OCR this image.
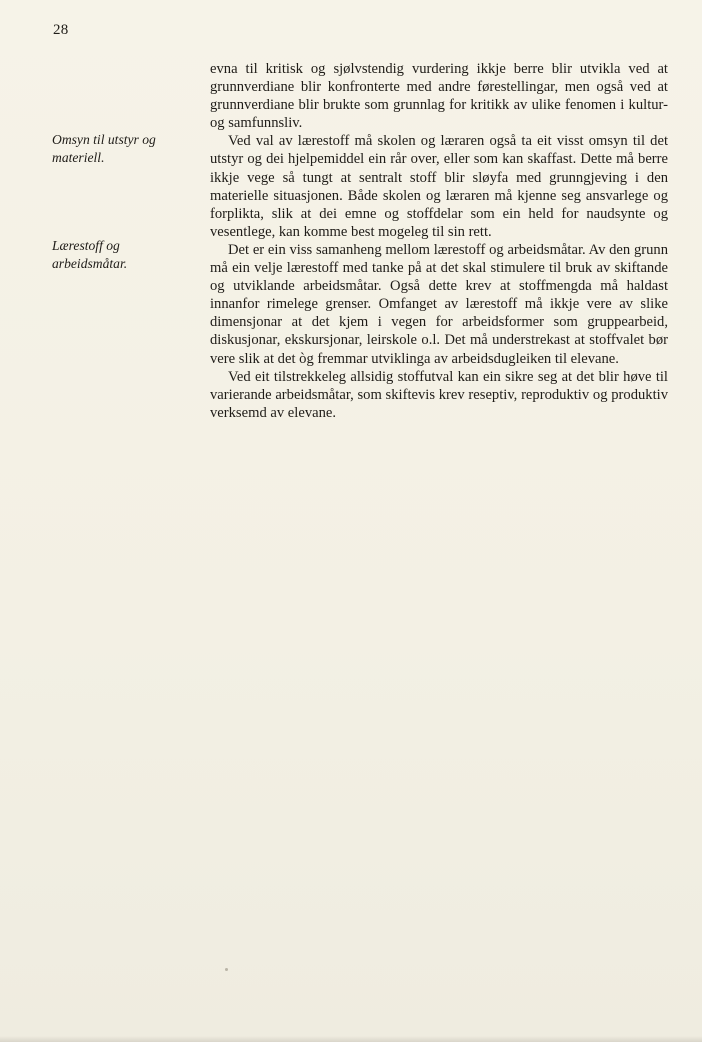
28
Omsyn til utstyr og materiell.
Lærestoff og arbeidsmåtar.

evna til kritisk og sjølvstendig vurdering ikkje berre blir utvikla ved at grunnverdiane blir konfronterte med andre førestellingar, men også ved at grunnverdiane blir brukte som grunnlag for kritikk av ulike fenomen i kultur- og samfunnsliv.

Ved val av lærestoff må skolen og læraren også ta eit visst omsyn til det utstyr og dei hjelpemiddel ein rår over, eller som kan skaffast. Dette må berre ikkje vege så tungt at sentralt stoff blir sløyfa med grunngjeving i den materielle situasjonen. Både skolen og læraren må kjenne seg ansvarlege og forplikta, slik at dei emne og stoffdelar som ein held for naudsynte og vesentlege, kan komme best mogeleg til sin rett.

Det er ein viss samanheng mellom lærestoff og arbeidsmåtar. Av den grunn må ein velje lærestoff med tanke på at det skal stimulere til bruk av skiftande og utviklande arbeidsmåtar. Også dette krev at stoffmengda må haldast innanfor rimelege grenser. Omfanget av lærestoff må ikkje vere av slike dimensjonar at det kjem i vegen for arbeidsformer som gruppearbeid, diskusjonar, ekskursjonar, leirskole o.l. Det må understrekast at stoffvalet bør vere slik at det òg fremmar utviklinga av arbeidsdugleiken til elevane.

Ved eit tilstrekkeleg allsidig stoffutval kan ein sikre seg at det blir høve til varierande arbeidsmåtar, som skiftevis krev reseptiv, reproduktiv og produktiv verksemd av elevane.
